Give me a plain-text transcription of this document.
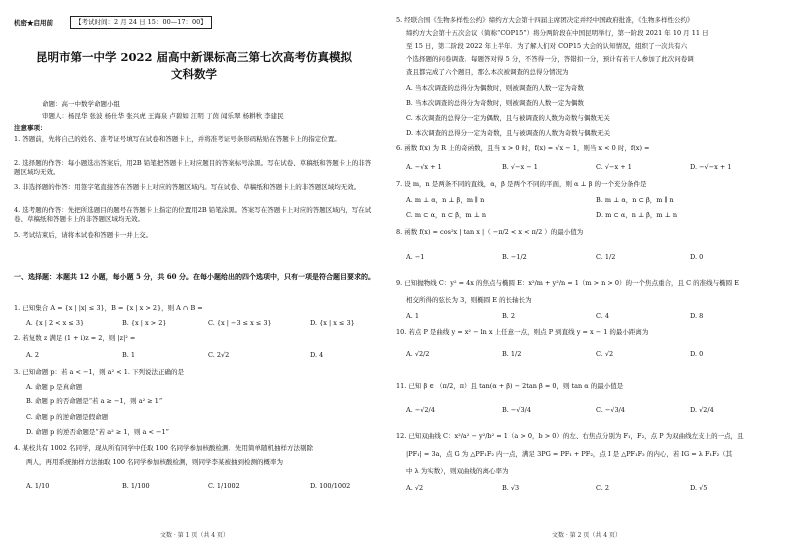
机密★启用前	【考试时间：2 月 24 日 15：00—17：00】
昆明市第一中学 2022 届高中新课标高三第七次高考仿真模拟
文科数学
命题：高一中数学命题小组
审题人：杨昆华 张波 杨仕华 张兴虎 王海泉 卢碧如 江明 丁茵 闻乐翠 杨耕秋 李建民
注意事项：
1. 答题前，先将自己的姓名、准考证号填写在试卷和答题卡上，并将准考证号条形码粘贴在答题卡上的指定位置。
2. 选择题的作答：每小题选出答案后，用2B 铅笔把答题卡上对应题目的答案标号涂黑。写在试卷、草稿纸和答题卡上的非答题区域均无效。
3. 非选择题的作答：用签字笔直接答在答题卡上对应的答题区域内。写在试卷、草稿纸和答题卡上的非答题区域均无效。
4. 选考题的作答：先把所选题目的题号在答题卡上指定的位置用2B 铅笔涂黑。答案写在答题卡上对应的答题区域内，写在试卷、草稿纸和答题卡上的非答题区域均无效。
5. 考试结束后，请将本试卷和答题卡一并上交。
一、选择题：本题共 12 小题，每小题 5 分，共 60 分。在每小题给出的四个选项中，只有一项是符合题目要求的。
1. 已知集合 A = {x | |x| ≤ 3}，B = {x | x > 2}，则 A ∩ B =
A. {x | 2 < x ≤ 3}	B. {x | x > 2}	C. {x | −3 ≤ x ≤ 3}	D. {x | x ≤ 3}
2. 若复数 z 满足 (1 + i)z = 2，则 |z|² =
A. 2	B. 1	C. 2√2	D. 4
3. 已知命题 p：若 a < −1，则 a² < 1. 下列说法正确的是
A. 命题 p 是真命题
B. 命题 p 的否命题是“若 a ≥ −1，则 a² ≥ 1”
C. 命题 p 的逆命题是假命题
D. 命题 p 的逆否命题是“若 a² ≥ 1，则 a < −1”
4. 某校共有 1002 名同学，现从所有同学中任取 100 名同学参加核酸检测．先用简单随机抽样方法剔除
两人，再用系统抽样方法抽取 100 名同学参加核酸检测，则同学李某被抽到检测的概率为
A. 1/10	B. 1/100	C. 1/1002	D. 100/1002
文数 · 第 1 页（共 4 页）
5. 经联合国《生物多样性公约》缔约方大会第十四届主席团决定并经中国政府批准，《生物多样性公约》
缔约方大会第十五次会议（简称“COP15”）将分两阶段在中国昆明举行，第一阶段 2021 年 10 月 11 日
至 15 日，第二阶段 2022 年上半年．为了解人们对 COP15 大会的认知情况，组织了一次共有六
个选择题的问卷调查．每题答对得 5 分，不答得一分，答错扣一分，预计有若干人参加了此次问卷调
查且都完成了六个题目，那么本次被调查的总得分情况为
A. 当本次调查的总得分为偶数时，则被调查的人数一定为奇数
B. 当本次调查的总得分为奇数时，则被调查的人数一定为偶数
C. 本次调查的总得分一定为偶数，且与被调查的人数为奇数与偶数无关
D. 本次调查的总得分一定为奇数，且与被调查的人数为奇数与偶数无关
6. 函数 f(x) 为 R 上的奇函数，且当 x > 0 时，f(x) = √x − 1，则当 x < 0 时，f(x) =
A. −√x + 1	B. √−x − 1	C. √−x + 1	D. −√−x + 1
7. 设 m，n 是两条不同的直线，α，β 是两个不同的平面，则 α ⊥ β 的一个充分条件是
A. m ⊥ α，n ⊥ β，m ∥ n	B. m ⊥ α，n ⊂ β，m ∥ n
C. m ⊂ α，n ⊂ β，m ⊥ n	D. m ⊂ α，n ⊥ β，m ⊥ n
8. 函数 f(x) = cos²x | tan x |（ −π/2 < x < π/2 ）的最小值为
A. −1	B. −1/2	C. 1/2	D. 0
9. 已知抛物线 C：y² = 4x 的焦点与椭圆 E：x²/m + y²/n = 1（m > n > 0）的一个焦点重合，且 C 的准线与椭圆 E
相交所得的弦长为 3，则椭圆 E 的长轴长为
A. 1	B. 2	C. 4	D. 8
10. 若点 P 是曲线 y = x² − ln x 上任意一点，则点 P 到直线 y = x − 1 的最小距离为
A. √2/2	B. 1/2	C. √2	D. 0
11. 已知 β ∈ （π/2，π）且 tan(α + β) − 2tan β = 0，则 tan α 的最小值是
A. −√2/4	B. −√3/4	C. −√3/4	D. √2/4
12. 已知双曲线 C：x²/a² − y²/b² = 1（a > 0，b > 0）的左、右焦点分别为 F₁，F₂，点 P 为双曲线左支上的一点，且
|PF₁| = 3a，点 G 为 △PF₁F₂ 内一点，满足 3PG = PF₁ + PF₂，点 I 是 △PF₁F₂ 的内心，若 IG = λ F₁F₂（其
中 λ 为实数），则双曲线的离心率为
A. √2	B. √3	C. 2	D. √5
文数 · 第 2 页（共 4 页）
